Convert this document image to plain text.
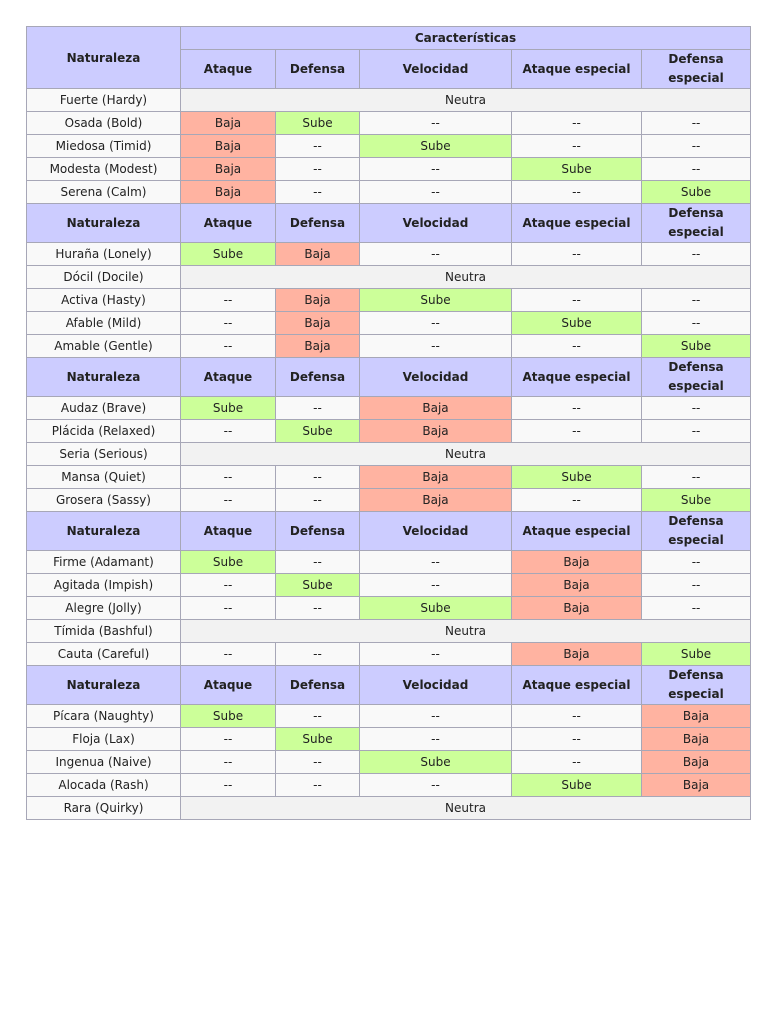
Naturaleza	Características				
	Ataque	Defensa	Velocidad	Ataque especial	Defensa especial
Fuerte (Hardy)	Neutra				
Osada (Bold)	Baja	Sube	--	--	--
Miedosa (Timid)	Baja	--	Sube	--	--
Modesta (Modest)	Baja	--	--	Sube	--
Serena (Calm)	Baja	--	--	--	Sube
Naturaleza	Ataque	Defensa	Velocidad	Ataque especial	Defensa especial
Huraña (Lonely)	Sube	Baja	--	--	--
Dócil (Docile)	Neutra				
Activa (Hasty)	--	Baja	Sube	--	--
Afable (Mild)	--	Baja	--	Sube	--
Amable (Gentle)	--	Baja	--	--	Sube
Naturaleza	Ataque	Defensa	Velocidad	Ataque especial	Defensa especial
Audaz (Brave)	Sube	--	Baja	--	--
Plácida (Relaxed)	--	Sube	Baja	--	--
Seria (Serious)	Neutra				
Mansa (Quiet)	--	--	Baja	Sube	--
Grosera (Sassy)	--	--	Baja	--	Sube
Naturaleza	Ataque	Defensa	Velocidad	Ataque especial	Defensa especial
Firme (Adamant)	Sube	--	--	Baja	--
Agitada (Impish)	--	Sube	--	Baja	--
Alegre (Jolly)	--	--	Sube	Baja	--
Tímida (Bashful)	Neutra				
Cauta (Careful)	--	--	--	Baja	Sube
Naturaleza	Ataque	Defensa	Velocidad	Ataque especial	Defensa especial
Pícara (Naughty)	Sube	--	--	--	Baja
Floja (Lax)	--	Sube	--	--	Baja
Ingenua (Naive)	--	--	Sube	--	Baja
Alocada (Rash)	--	--	--	Sube	Baja
Rara (Quirky)	Neutra				
